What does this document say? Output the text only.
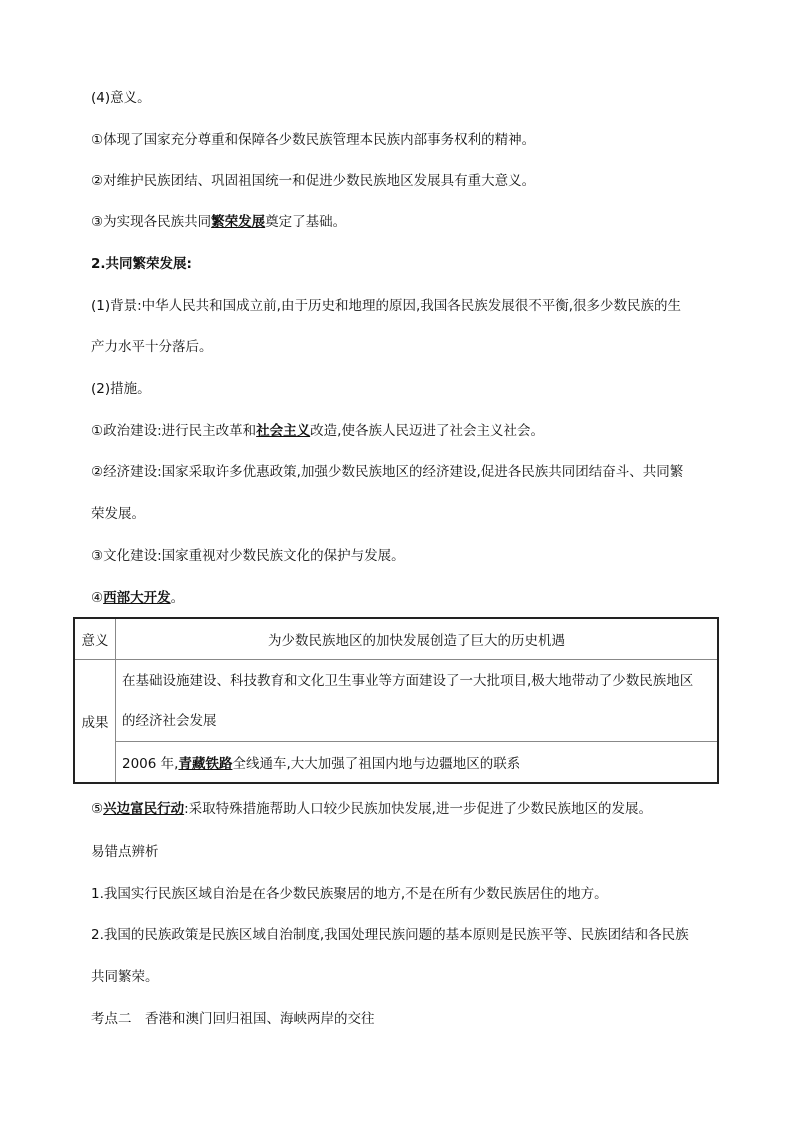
(4)意义。
①体现了国家充分尊重和保障各少数民族管理本民族内部事务权利的精神。
②对维护民族团结、巩固祖国统一和促进少数民族地区发展具有重大意义。
③为实现各民族共同繁荣发展奠定了基础。
2.共同繁荣发展:
(1)背景:中华人民共和国成立前,由于历史和地理的原因,我国各民族发展很不平衡,很多少数民族的生
产力水平十分落后。
(2)措施。
①政治建设:进行民主改革和社会主义改造,使各族人民迈进了社会主义社会。
②经济建设:国家采取许多优惠政策,加强少数民族地区的经济建设,促进各民族共同团结奋斗、共同繁
荣发展。
③文化建设:国家重视对少数民族文化的保护与发展。
④西部大开发。
意义	为少数民族地区的加快发展创造了巨大的历史机遇
成果	在基础设施建设、科技教育和文化卫生事业等方面建设了一大批项目,极大地带动了少数民族地区
的经济社会发展

	2006 年,青藏铁路全线通车,大大加强了祖国内地与边疆地区的联系
⑤兴边富民行动:采取特殊措施帮助人口较少民族加快发展,进一步促进了少数民族地区的发展。
易错点辨析
1.我国实行民族区域自治是在各少数民族聚居的地方,不是在所有少数民族居住的地方。
2.我国的民族政策是民族区域自治制度,我国处理民族问题的基本原则是民族平等、民族团结和各民族
共同繁荣。
考点二　香港和澳门回归祖国、海峡两岸的交往
